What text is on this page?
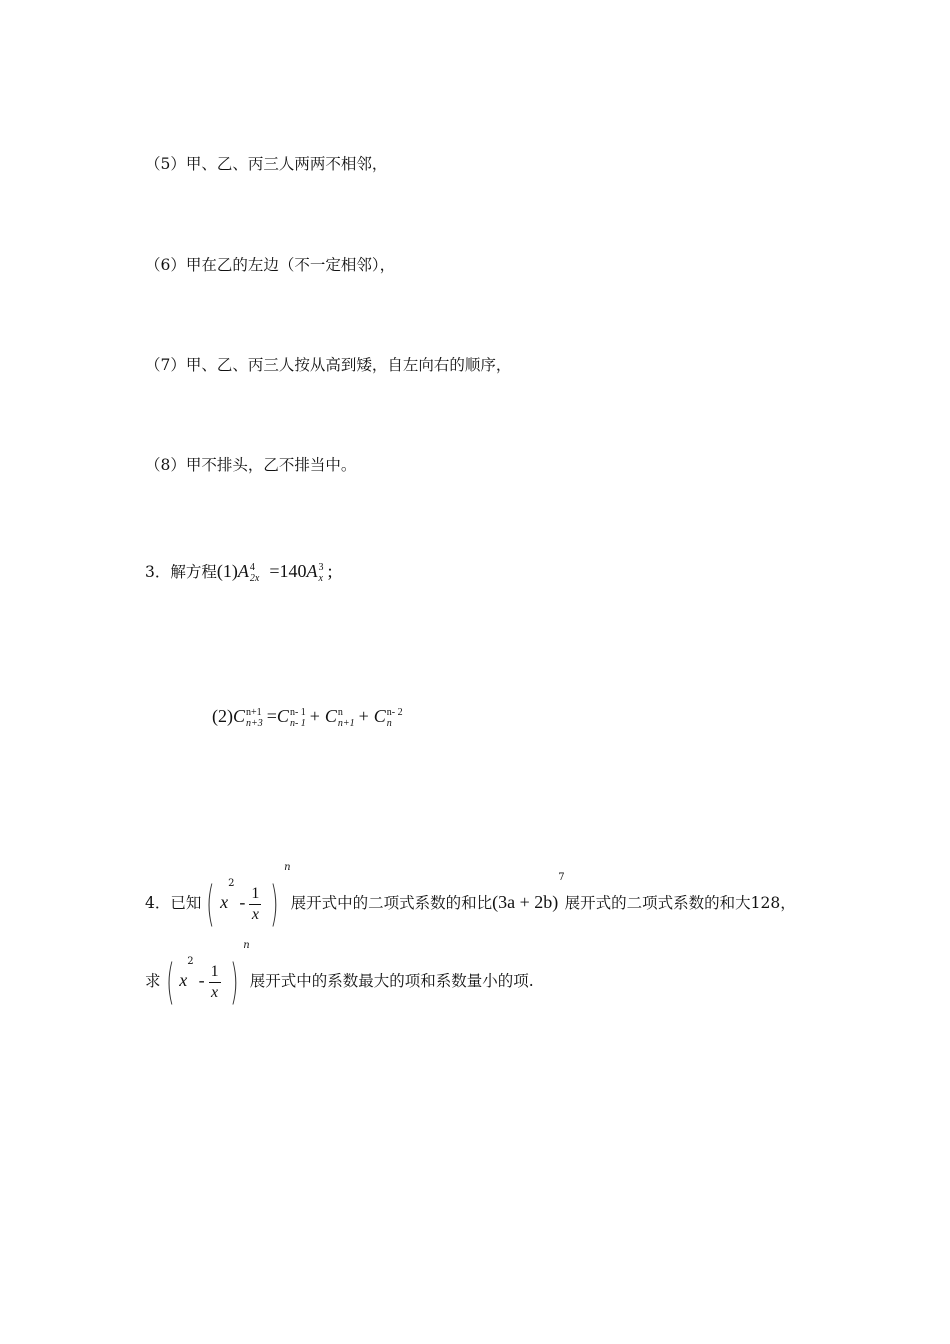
（5）甲、乙、丙三人两两不相邻，
（6）甲在乙的左边（不一定相邻），
（7）甲、乙、丙三人按从高到矮，自左向右的顺序，
（8）甲不排头，乙不排当中。
3．解方程(1)A 4
2x =140A 3
x ;
(2)C n+1
n+3 =C n- 1
n- 1 + C n
n+1 + C n- 2
n
4．已知 ( $x^2 - \frac{1}{x} )^n$展开式中的二项式系数的和比$(3a + 2b)^7$展开式的二项式系数的和大128，
求 ( $x^2 - \frac{1}{x} )^n$展开式中的系数最大的项和系数量小的项.
